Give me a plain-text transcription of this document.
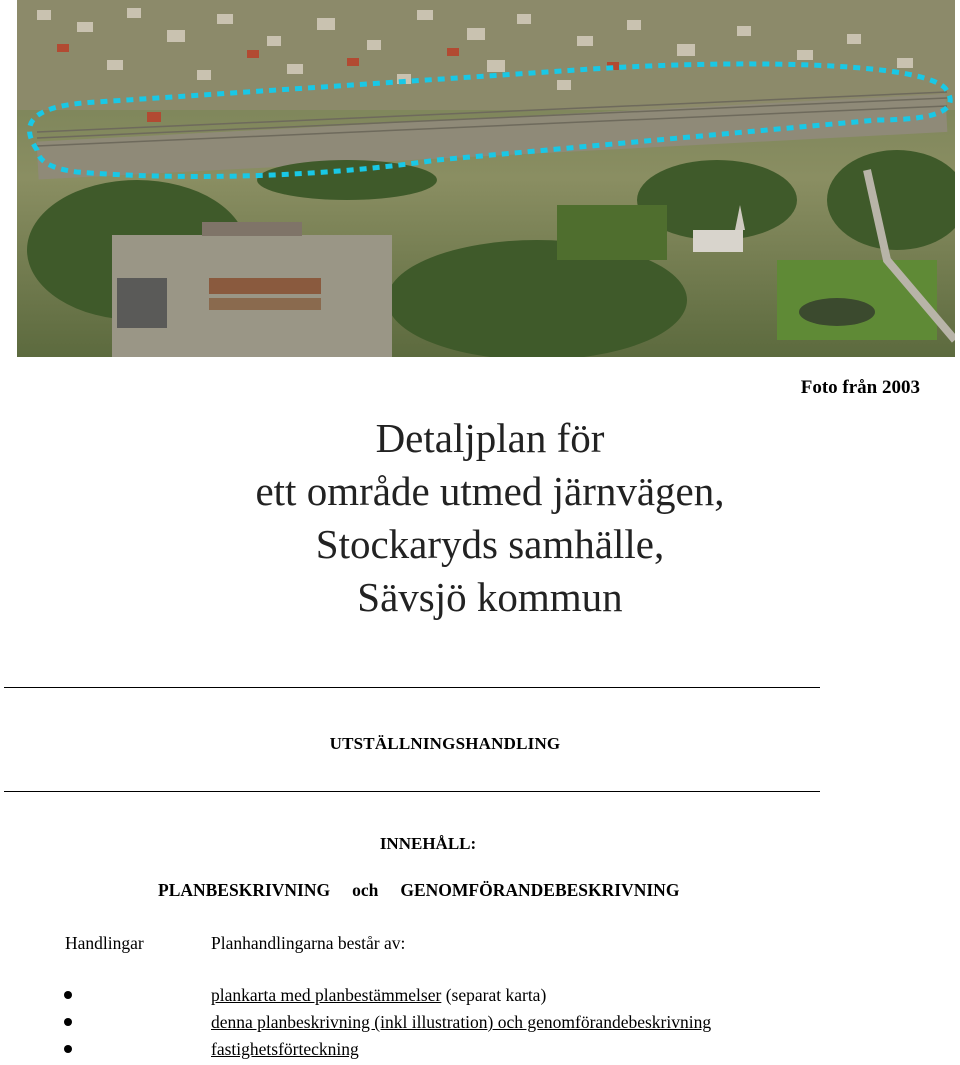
Foto från 2003
Detaljplan för
ett område utmed järnvägen,
Stockaryds samhälle,
Sävsjö kommun
UTSTÄLLNINGSHANDLING
INNEHÅLL:
PLANBESKRIVNING och GENOMFÖRANDEBESKRIVNING
Handlingar	Planhandlingarna består av:
plankarta med planbestämmelser (separat karta)
denna planbeskrivning (inkl illustration) och genomförandebeskrivning
fastighetsförteckning
